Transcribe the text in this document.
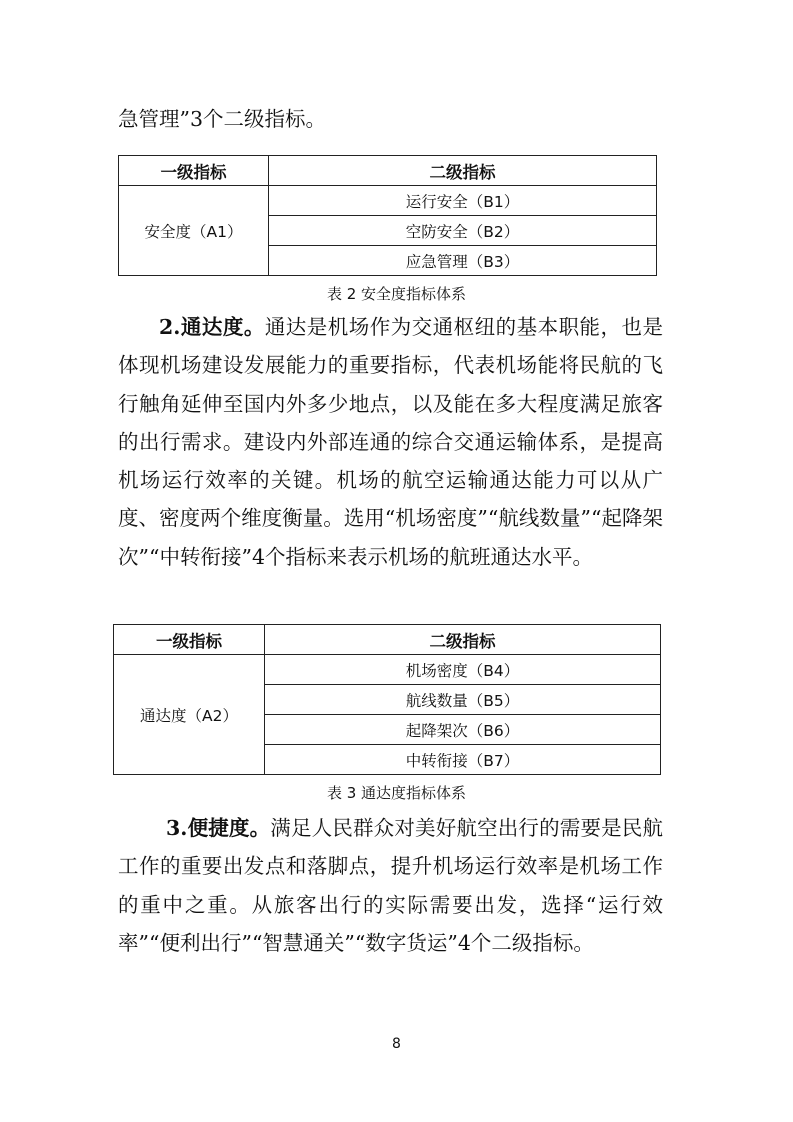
急管理”3个二级指标。

一级指标	二级指标
安全度（A1）	运行安全（B1）
	空防安全（B2）
	应急管理（B3）
表 2 安全度指标体系

2.通达度。通达是机场作为交通枢纽的基本职能，也是体现机场建设发展能力的重要指标，代表机场能将民航的飞行触角延伸至国内外多少地点，以及能在多大程度满足旅客的出行需求。建设内外部连通的综合交通运输体系，是提高机场运行效率的关键。机场的航空运输通达能力可以从广度、密度两个维度衡量。选用“机场密度”“航线数量”“起降架次”“中转衔接”4个指标来表示机场的航班通达水平。

一级指标	二级指标
通达度（A2）	机场密度（B4）
	航线数量（B5）
	起降架次（B6）
	中转衔接（B7）
表 3 通达度指标体系

3.便捷度。满足人民群众对美好航空出行的需要是民航工作的重要出发点和落脚点，提升机场运行效率是机场工作的重中之重。从旅客出行的实际需要出发，选择“运行效率”“便利出行”“智慧通关”“数字货运”4个二级指标。

8
